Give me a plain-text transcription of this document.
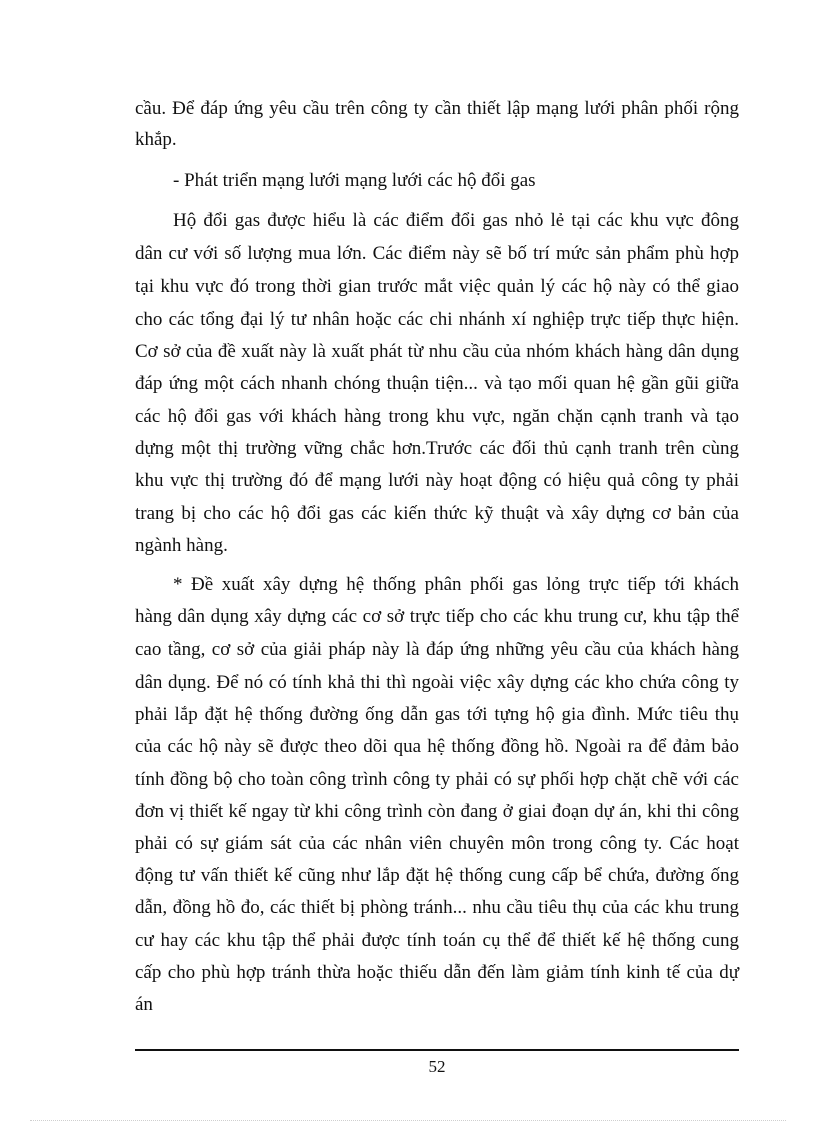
cầu. Để đáp ứng yêu cầu trên công ty cần thiết lập mạng lưới phân phối rộng
khắp.
- Phát triển mạng lưới mạng lưới các hộ đổi gas
Hộ đổi gas được hiểu là các điểm đổi gas nhỏ lẻ tại các khu vực đông
dân cư với số lượng mua lớn. Các điểm này sẽ bố trí mức sản phẩm phù hợp
tại khu vực đó trong thời gian trước mắt việc quản lý các hộ này có thể giao
cho các tổng đại lý tư nhân hoặc các chi nhánh xí nghiệp trực tiếp thực hiện.
Cơ sở của đề xuất này là xuất phát từ nhu cầu của nhóm khách hàng dân dụng
đáp ứng một cách nhanh chóng thuận tiện... và tạo mối quan hệ gần gũi giữa
các hộ đổi gas với khách hàng trong khu vực, ngăn chặn cạnh tranh và tạo
dựng một thị trường vững chắc hơn.Trước các đối thủ cạnh tranh trên cùng
khu vực thị trường đó để mạng lưới này hoạt động có hiệu quả công ty phải
trang bị cho các hộ đổi gas các kiến thức kỹ thuật và xây dựng cơ bản của
ngành hàng.
* Đề xuất xây dựng hệ thống phân phối gas lỏng trực tiếp tới khách
hàng dân dụng xây dựng các cơ sở trực tiếp cho các khu trung cư, khu tập thể
cao tầng, cơ sở của giải pháp này là đáp ứng những yêu cầu của khách hàng
dân dụng. Để nó có tính khả thi thì ngoài việc xây dựng các kho chứa công ty
phải lắp đặt hệ thống đường ống dẫn gas tới tựng hộ gia đình. Mức tiêu thụ
của các hộ này sẽ được theo dõi qua hệ thống đồng hồ. Ngoài ra để đảm bảo
tính đồng bộ cho toàn công trình công ty phải có sự phối hợp chặt chẽ với các
đơn vị thiết kế ngay từ khi công trình còn đang ở giai đoạn dự án, khi thi công
phải có sự giám sát của các nhân viên chuyên môn trong công ty. Các hoạt
động tư vấn thiết kế cũng như lắp đặt hệ thống cung cấp bể chứa, đường ống
dẫn, đồng hồ đo, các thiết bị phòng tránh... nhu cầu tiêu thụ của các khu trung
cư hay các khu tập thể phải được tính toán cụ thể để thiết kế hệ thống cung
cấp cho phù hợp tránh thừa hoặc thiếu dẫn đến làm giảm tính kinh tế của dự
án
52
